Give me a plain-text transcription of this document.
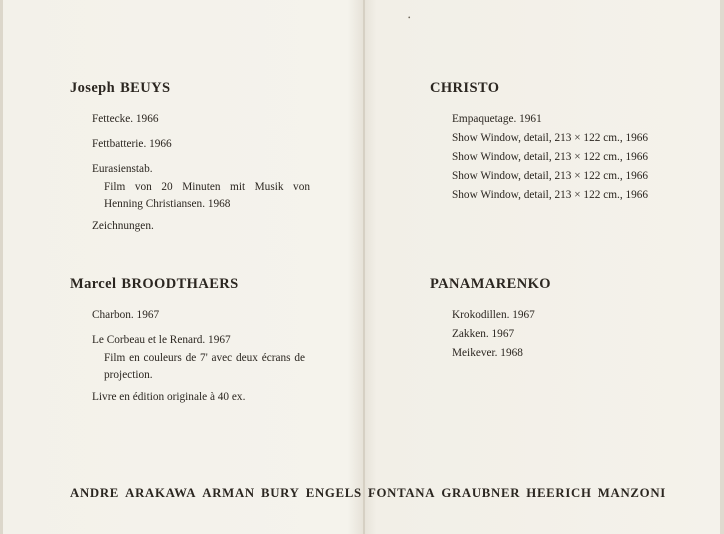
•
Joseph BEUYS

Fettecke. 1966

Fettbatterie. 1966

Eurasienstab.

Film von 20 Minuten mit Musik von Henning Christiansen. 1968

Zeichnungen.

CHRISTO

Empaquetage. 1961

Show Window, detail, 213 × 122 cm., 1966

Show Window, detail, 213 × 122 cm., 1966

Show Window, detail, 213 × 122 cm., 1966

Show Window, detail, 213 × 122 cm., 1966

Marcel BROODTHAERS

Charbon. 1967

Le Corbeau et le Renard. 1967

Film en couleurs de 7' avec deux écrans de projection.

Livre en édition originale à 40 ex.

PANAMARENKO

Krokodillen. 1967

Zakken. 1967

Meikever. 1968

ANDRE ARAKAWA ARMAN BURY ENGELS FONTANA GRAUBNER HEERICH MANZONI
